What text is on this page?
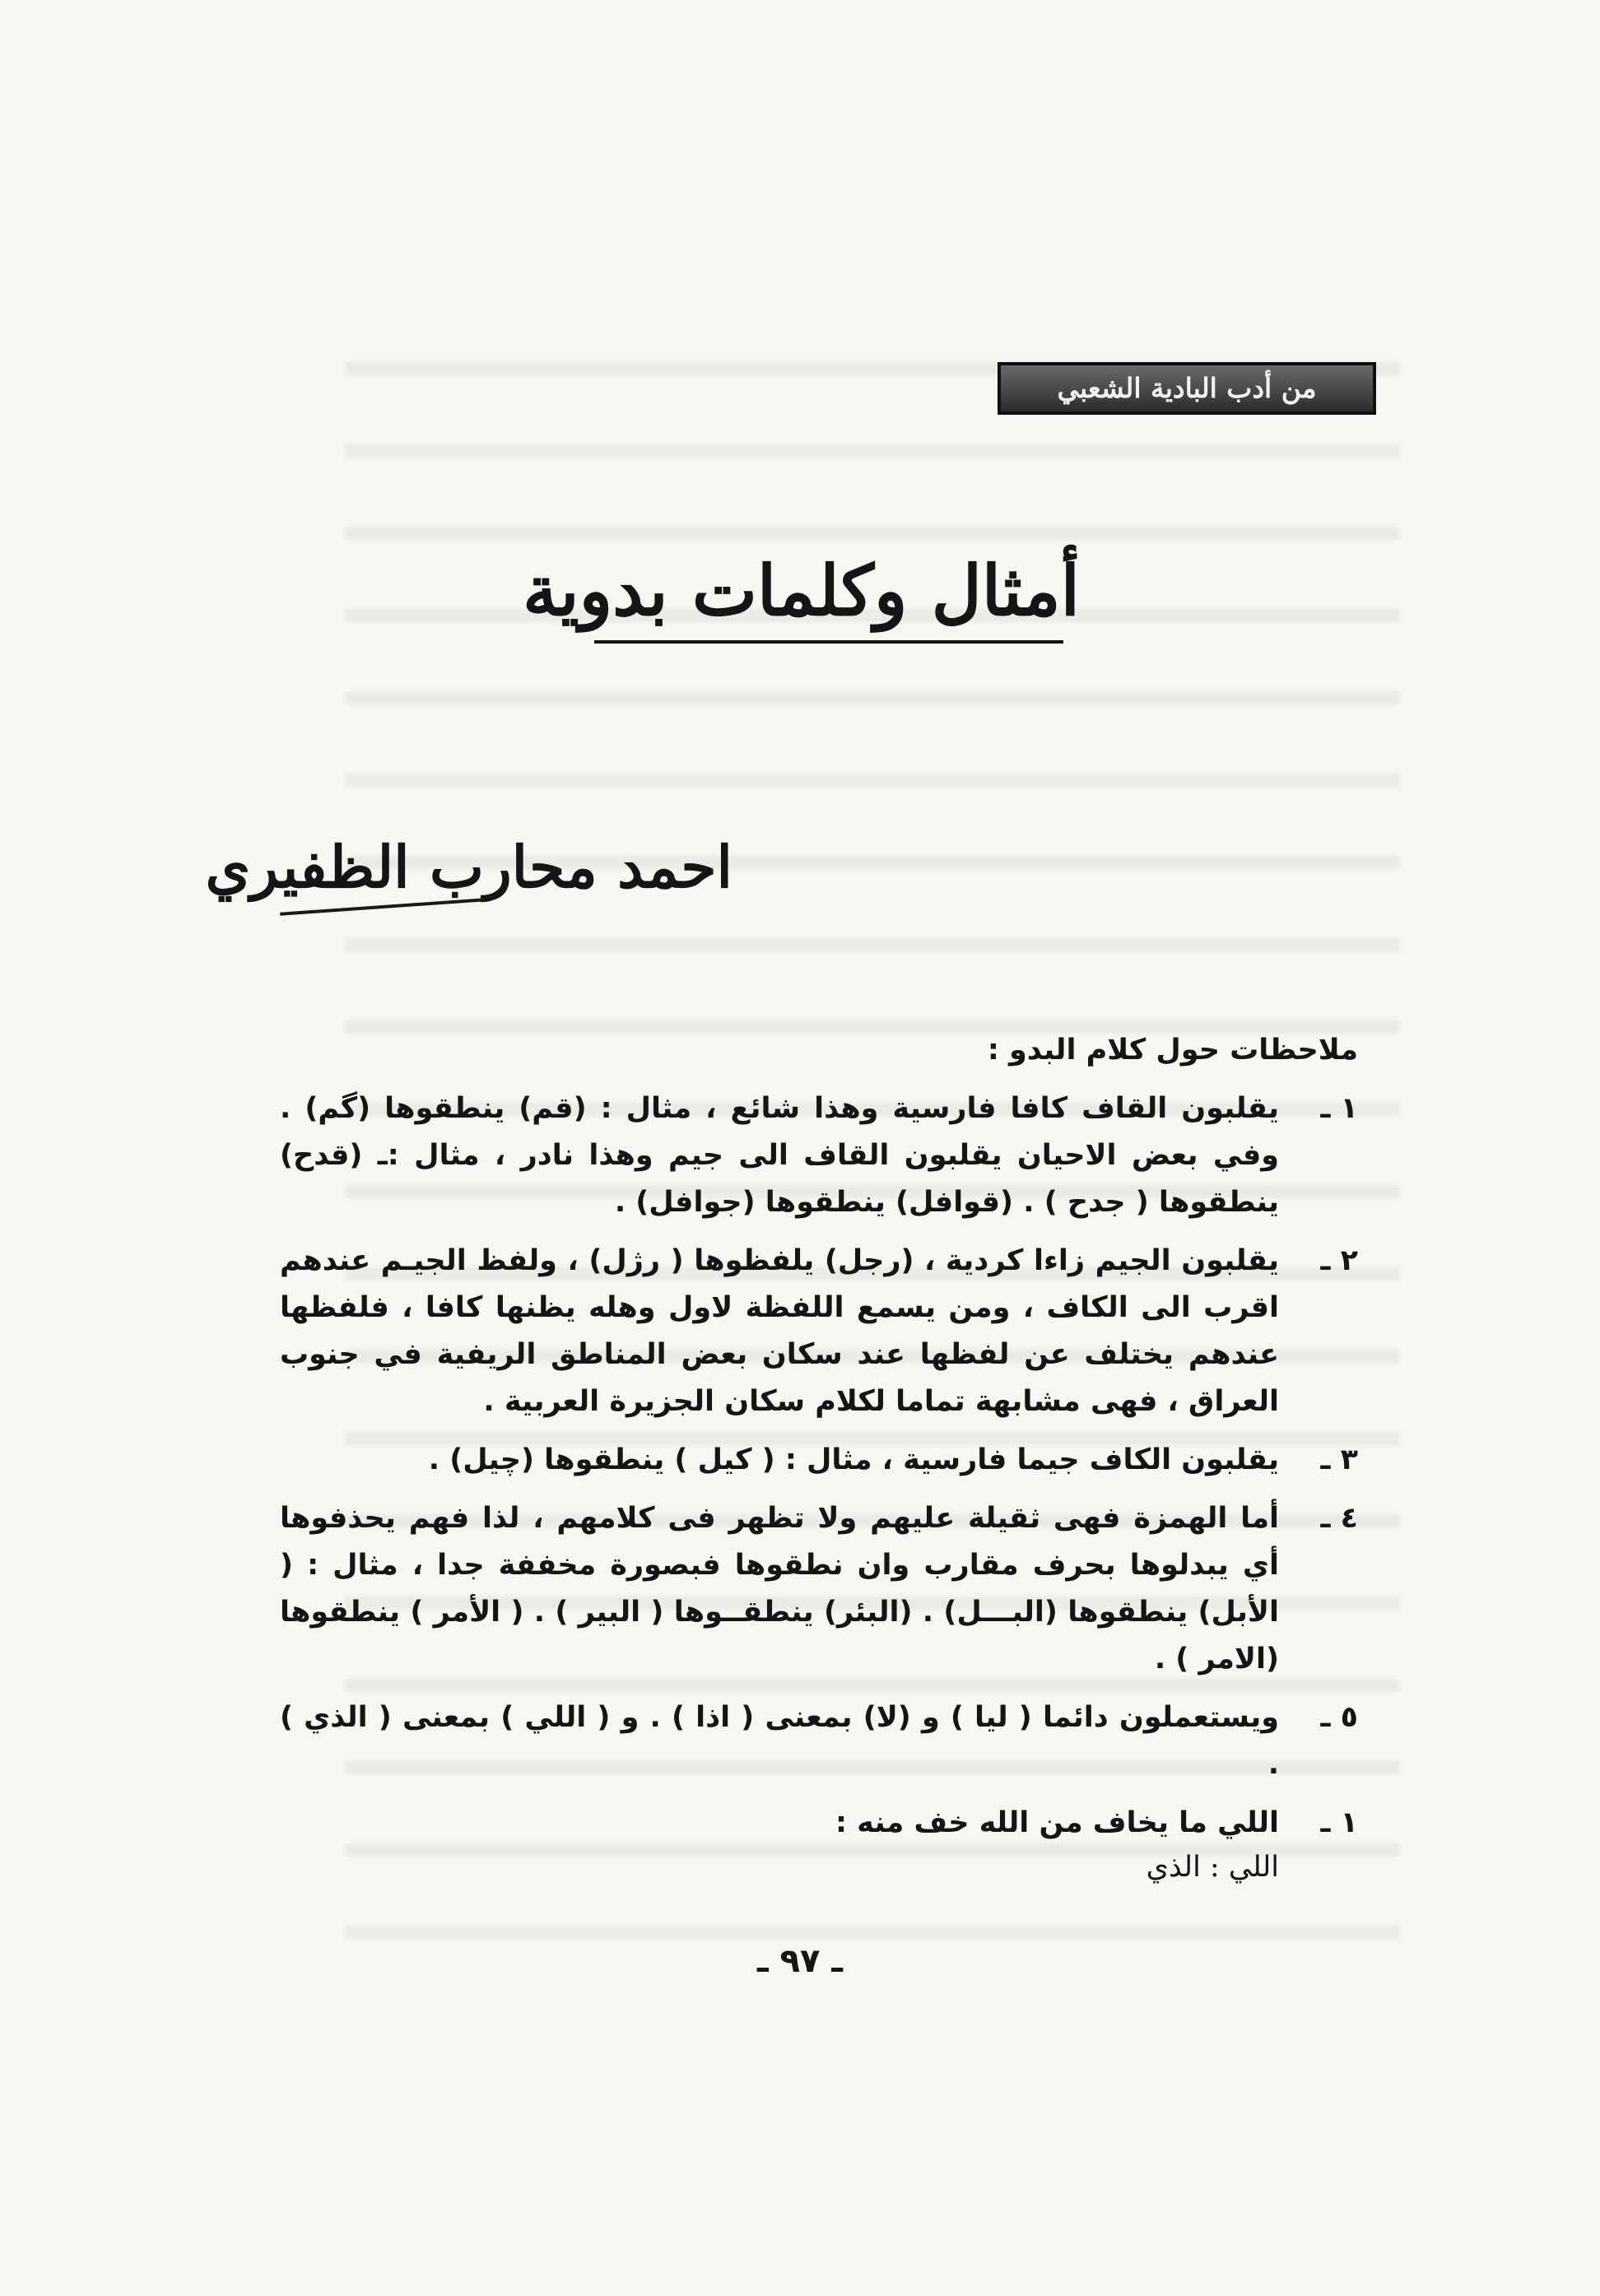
من أدب البادية الشعبي
أمثال وكلمات بدوية
احمد محارب الظفيري

ملاحظات حول كلام البدو :

١ ـ
يقلبون القاف كافا فارسية وهذا شائع ، مثال : (قم) ينطقوها (گم) . وفي بعض الاحيان يقلبون القاف الى جيم وهذا نادر ، مثال :ـ (قدح) ينطقوها ( جدح ) . (قوافل) ينطقوها (جوافل) .
٢ ـ
يقلبون الجيم زاءا كردية ، (رجل) يلفظوها ( رژل) ، ولفظ الجيـم عندهم اقرب الى الكاف ، ومن يسمع اللفظة لاول وهله يظنها كافا ، فلفظها عندهم يختلف عن لفظها عند سكان بعض المناطق الريفية في جنوب العراق ، فهى مشابهة تماما لكلام سكان الجزيرة العربية .
٣ ـ
يقلبون الكاف جيما فارسية ، مثال : ( كيل ) ينطقوها (چيل) .
٤ ـ
أما الهمزة فهى ثقيلة عليهم ولا تظهر فى كلامهم ، لذا فهم يحذفوها أي يبدلوها بحرف مقارب وان نطقوها فبصورة مخففة جدا ، مثال : ( الأبل) ينطقوها (البـــل) . (البئر) ينطقــوها ( البير ) . ( الأمر ) ينطقوها (الامر ) .
٥ ـ
ويستعملون دائما ( ليا ) و (لا) بمعنى ( اذا ) . و ( اللي ) بمعنى ( الذي ) .
١ ـ
اللي ما يخاف من الله خف منه :
اللي : الذي
ـ ٩٧ ـ
